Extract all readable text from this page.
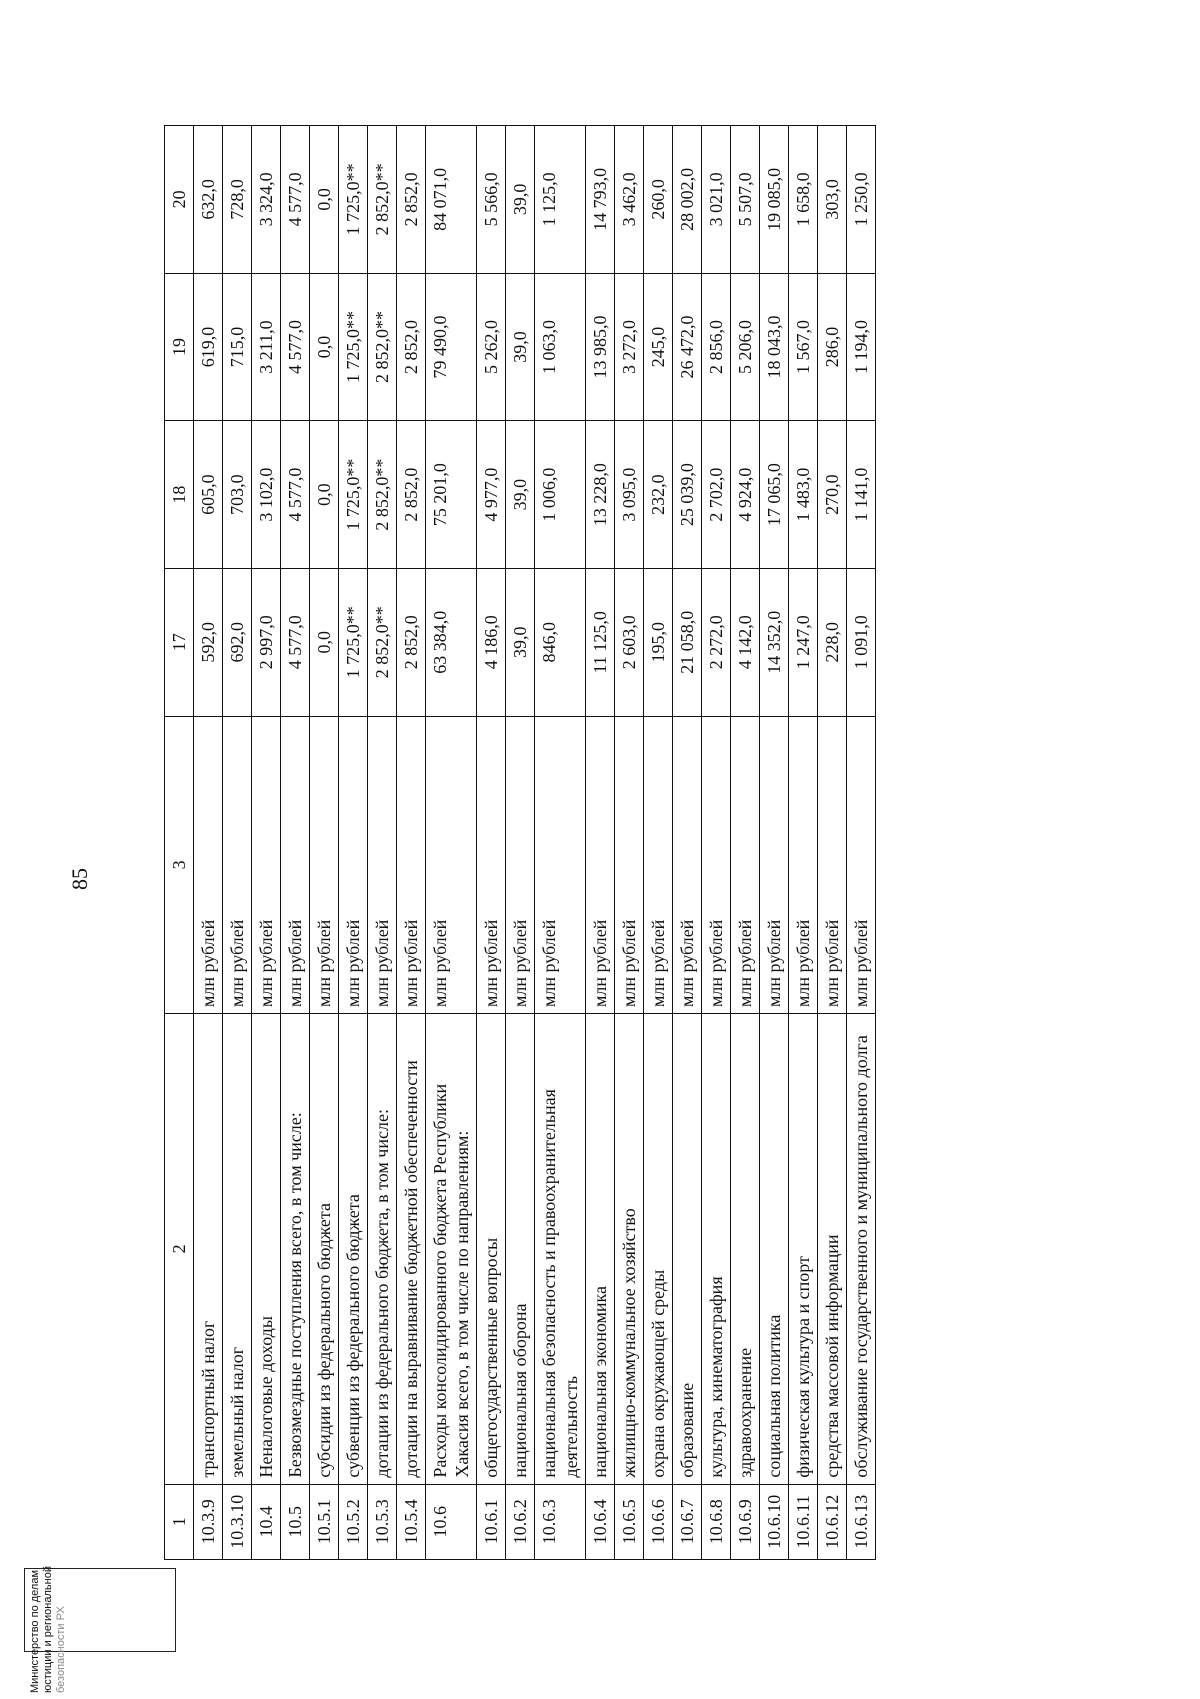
85
1	2	3	17	18	19	20
10.3.9	транспортный налог	млн рублей	592,0	605,0	619,0	632,0
10.3.10	земельный налог	млн рублей	692,0	703,0	715,0	728,0
10.4	Неналоговые доходы	млн рублей	2 997,0	3 102,0	3 211,0	3 324,0
10.5	Безвозмездные поступления всего, в том числе:	млн рублей	4 577,0	4 577,0	4 577,0	4 577,0
10.5.1	субсидии из федерального бюджета	млн рублей	0,0	0,0	0,0	0,0
10.5.2	субвенции из федерального бюджета	млн рублей	1 725,0**	1 725,0**	1 725,0**	1 725,0**
10.5.3	дотации из федерального бюджета, в том числе:	млн рублей	2 852,0**	2 852,0**	2 852,0**	2 852,0**
10.5.4	дотации на выравнивание бюджетной обеспеченности	млн рублей	2 852,0	2 852,0	2 852,0	2 852,0
10.6	Расходы консолидированного бюджета Республики Хакасия всего, в том числе по направлениям:	млн рублей	63 384,0	75 201,0	79 490,0	84 071,0
10.6.1	общегосударственные вопросы	млн рублей	4 186,0	4 977,0	5 262,0	5 566,0
10.6.2	национальная оборона	млн рублей	39,0	39,0	39,0	39,0
10.6.3	национальная безопасность и правоохранительная деятельность	млн рублей	846,0	1 006,0	1 063,0	1 125,0
10.6.4	национальная экономика	млн рублей	11 125,0	13 228,0	13 985,0	14 793,0
10.6.5	жилищно-коммунальное хозяйство	млн рублей	2 603,0	3 095,0	3 272,0	3 462,0
10.6.6	охрана окружающей среды	млн рублей	195,0	232,0	245,0	260,0
10.6.7	образование	млн рублей	21 058,0	25 039,0	26 472,0	28 002,0
10.6.8	культура, кинематография	млн рублей	2 272,0	2 702,0	2 856,0	3 021,0
10.6.9	здравоохранение	млн рублей	4 142,0	4 924,0	5 206,0	5 507,0
10.6.10	социальная политика	млн рублей	14 352,0	17 065,0	18 043,0	19 085,0
10.6.11	физическая культура и спорт	млн рублей	1 247,0	1 483,0	1 567,0	1 658,0
10.6.12	средства массовой информации	млн рублей	228,0	270,0	286,0	303,0
10.6.13	обслуживание государственного и муниципального долга	млн рублей	1 091,0	1 141,0	1 194,0	1 250,0
Министерство по делам юстиции и региональной безопасности РХ
